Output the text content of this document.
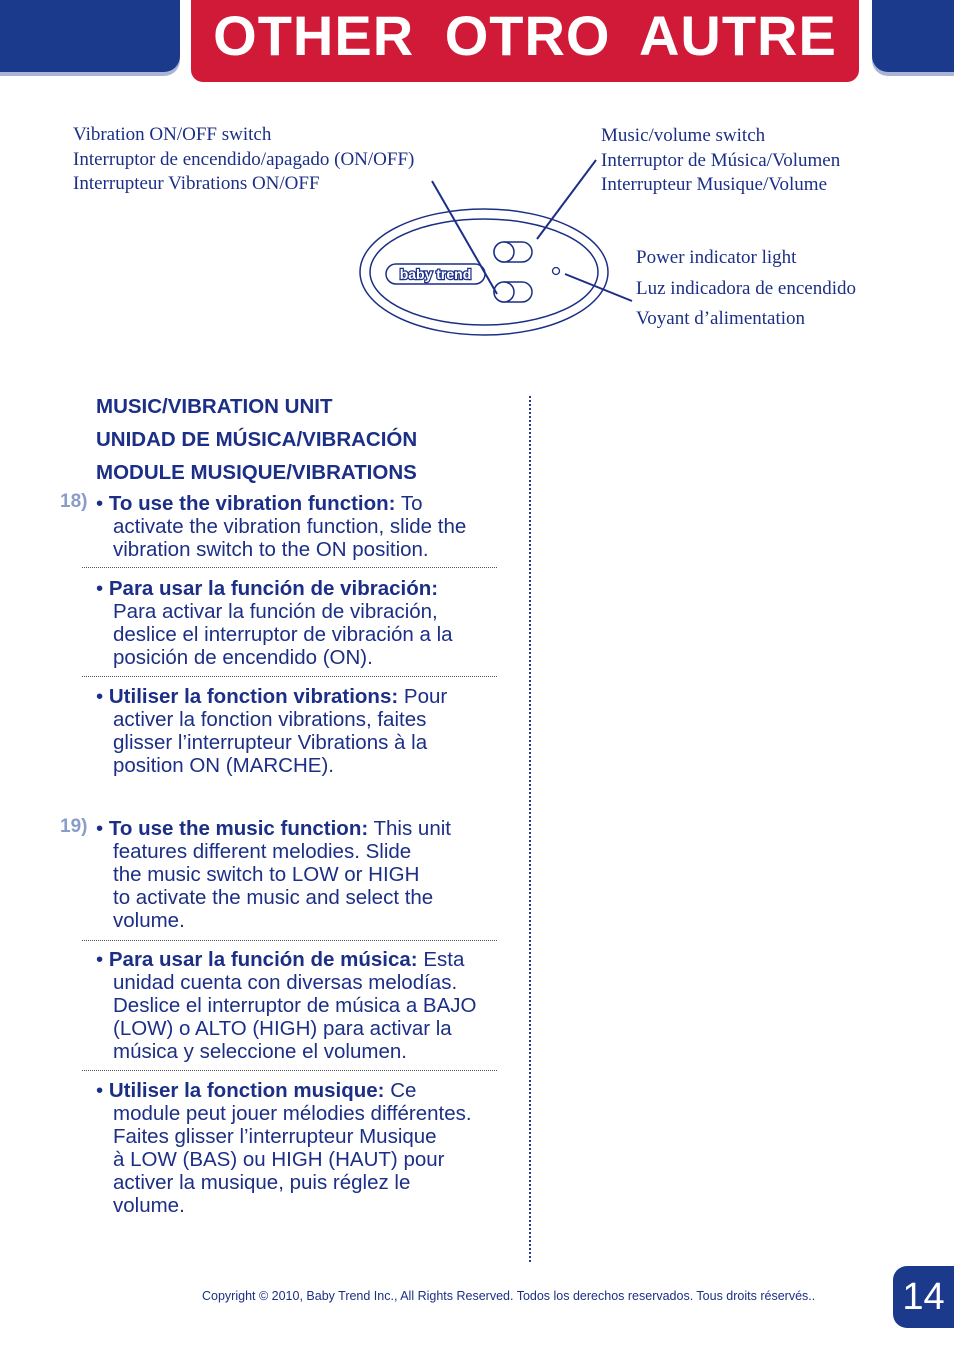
OTHER OTRO AUTRE
baby trend
Vibration ON/OFF switch
Interruptor de encendido/apagado (ON/OFF)
Interrupteur Vibrations ON/OFF
Music/volume switch
Interruptor de Música/Volumen
Interrupteur Musique/Volume
Power indicator light
Luz indicadora de encendido
Voyant d’alimentation
MUSIC/VIBRATION UNIT
UNIDAD DE MÚSICA/VIBRACIÓN
MODULE MUSIQUE/VIBRATIONS
18) • To use the vibration function: To
activate the vibration function, slide the
vibration switch to the ON position.
• Para usar la función de vibración:
Para activar la función de vibración,
deslice el interruptor de vibración a la
posición de encendido (ON).
• Utiliser la fonction vibrations: Pour
activer la fonction vibrations, faites
glisser l’interrupteur Vibrations à la
position ON (MARCHE).
19) • To use the music function: This unit
features different melodies. Slide
the music switch to LOW or HIGH
to activate the music and select the
volume.
• Para usar la función de música: Esta
unidad cuenta con diversas melodías.
Deslice el interruptor de música a BAJO
(LOW) o ALTO (HIGH) para activar la
música y seleccione el volumen.
• Utiliser la fonction musique: Ce
module peut jouer mélodies différentes.
Faites glisser l’interrupteur Musique
à LOW (BAS) ou HIGH (HAUT) pour
activer la musique, puis réglez le
volume.
Copyright © 2010, Baby Trend Inc., All Rights Reserved. Todos los derechos reservados. Tous droits réservés.. 14
